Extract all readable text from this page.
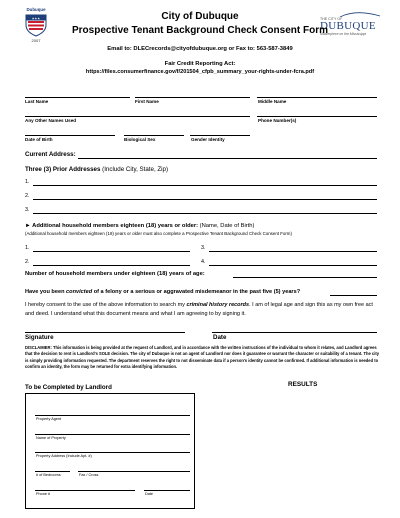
Dubuque
★★★
2007
THE CITY OF
DUBUQUE
Masterpiece on the Mississippi
City of Dubuque
Prospective Tenant Background Check Consent Form
Email to: DLECrecords@cityofdubuque.org or Fax to: 563-587-3849
Fair Credit Reporting Act:
https://files.consumerfinance.gov/f/201504_cfpb_summary_your-rights-under-fcra.pdf
Last Name	First Name	Middle Name
Any Other Names Used	Phone Number(s)
Date of Birth	Biological Sex	Gender Identity
Current Address:
Three (3) Prior Addresses (Include City, State, Zip)
1.
2.
3.
► Additional household members eighteen (18) years or older: (Name, Date of Birth)
(Additional household members eighteen (18) years or older must also complete a Prospective Tenant Background Check Consent Form)
1.	3.
2.	4.
Number of household members under eighteen (18) years of age:
Have you been convicted of a felony or a serious or aggravated misdemeanor in the past five (5) years?
I hereby consent to the use of the above information to search my criminal history records. I am of legal age and sign this as my own free act and deed. I understand what this document means and what I am agreeing to by signing it.
Signature	Date
DISCLAIMER: This information is being provided at the request of Landlord, and in accordance with the written instructions of the individual to whom it relates, and Landlord agrees that the decision to rent is Landlord's SOLE decision. The city of Dubuque is not an agent of Landlord nor does it guarantee or warrant the character or suitability of a tenant. The city is simply providing information requested. The department reserves the right to not disseminate data if a person's identity cannot be confirmed. If additional information is needed to confirm an identity, the form may be returned for extra identifying information.
To be Completed by Landlord	RESULTS
Property Agent
Name of Property
Property Address (Include Apt. #)
# of Bedrooms	Fax / Cross
Phone #	Date
